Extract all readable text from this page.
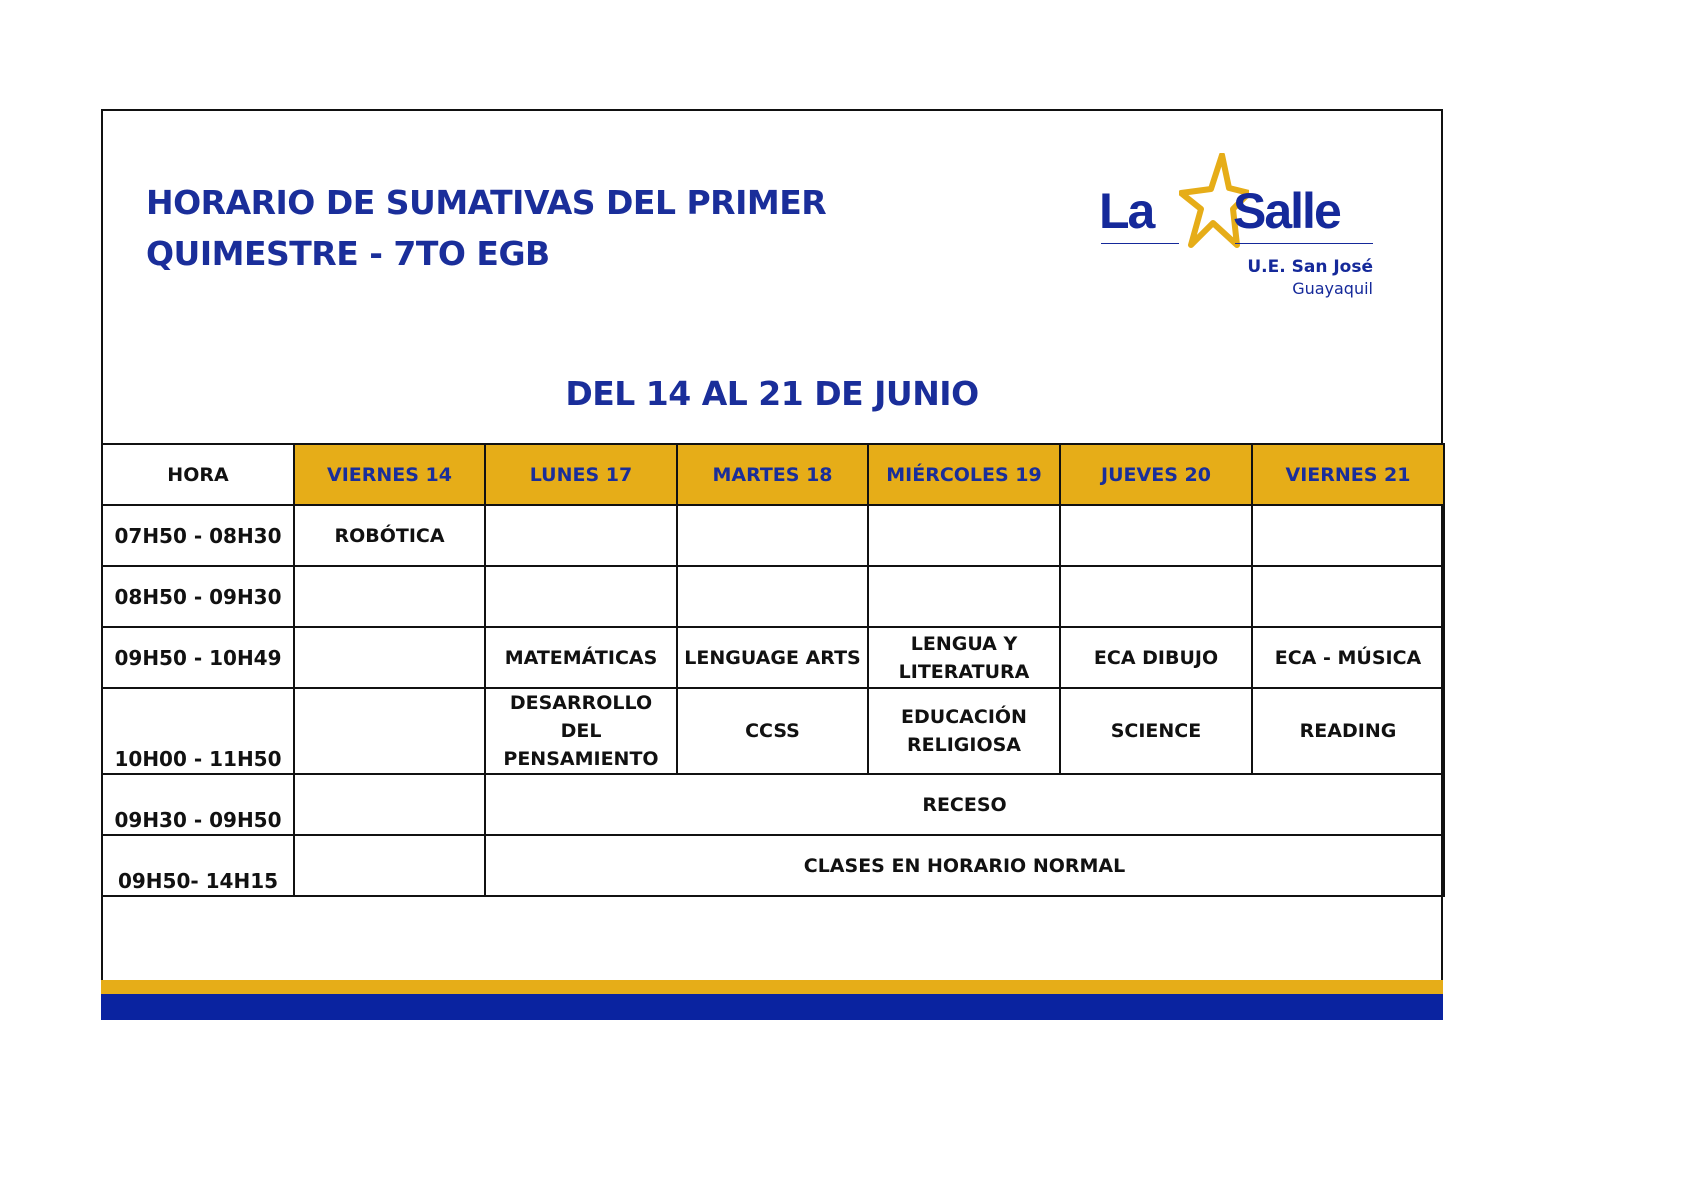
HORARIO DE SUMATIVAS DEL PRIMER
QUIMESTRE - 7TO EGB
La Salle
U.E. San José
Guayaquil
DEL 14 AL 21 DE JUNIO
HORA	VIERNES 14	LUNES 17	MARTES 18	MIÉRCOLES 19	JUEVES 20	VIERNES 21
07H50 - 08H30	ROBÓTICA					
08H50 - 09H30						
09H50 - 10H49		MATEMÁTICAS	LENGUAGE ARTS	LENGUA Y LITERATURA	ECA DIBUJO	ECA - MÚSICA
10H00 - 11H50		DESARROLLO DEL PENSAMIENTO	CCSS	EDUCACIÓN RELIGIOSA	SCIENCE	READING
09H30 - 09H50		RECESO				
09H50- 14H15		CLASES EN HORARIO NORMAL				
